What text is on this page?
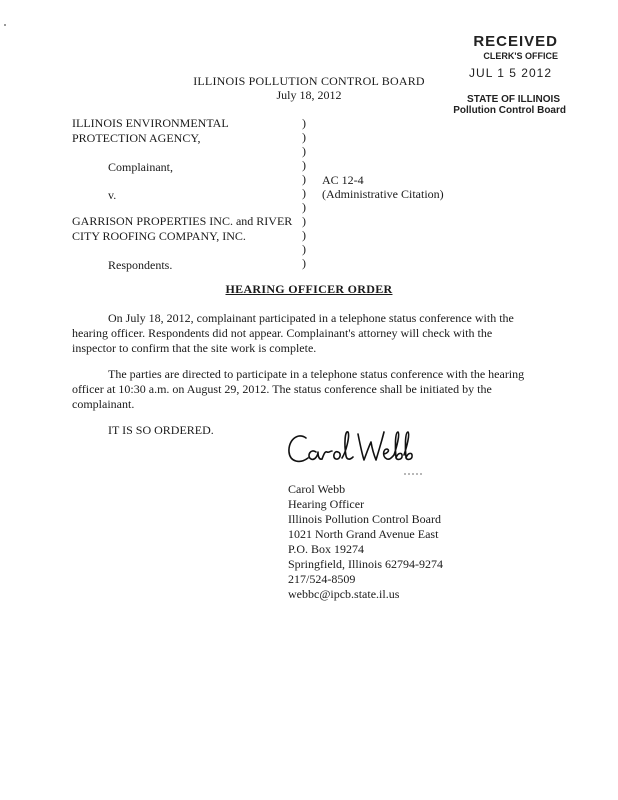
RECEIVED
CLERK'S OFFICE
JUL 1 5 2012
STATE OF ILLINOIS
Pollution Control Board
ILLINOIS POLLUTION CONTROL BOARD
July 18, 2012
ILLINOIS ENVIRONMENTAL
PROTECTION AGENCY,
Complainant,
v.
GARRISON PROPERTIES INC. and RIVER
CITY ROOFING COMPANY, INC.
Respondents.
)
)
)
)
)
)
)
)
)
)
)
AC 12-4
(Administrative Citation)
HEARING OFFICER ORDER

On July 18, 2012, complainant participated in a telephone status conference with the

hearing officer. Respondents did not appear. Complainant's attorney will check with the

inspector to confirm that the site work is complete.

The parties are directed to participate in a telephone status conference with the hearing

officer at 10:30 a.m. on August 29, 2012. The status conference shall be initiated by the

complainant.

IT IS SO ORDERED.
Carol Webb
Hearing Officer
Illinois Pollution Control Board
1021 North Grand Avenue East
P.O. Box 19274
Springfield, Illinois 62794-9274
217/524-8509
webbc@ipcb.state.il.us
